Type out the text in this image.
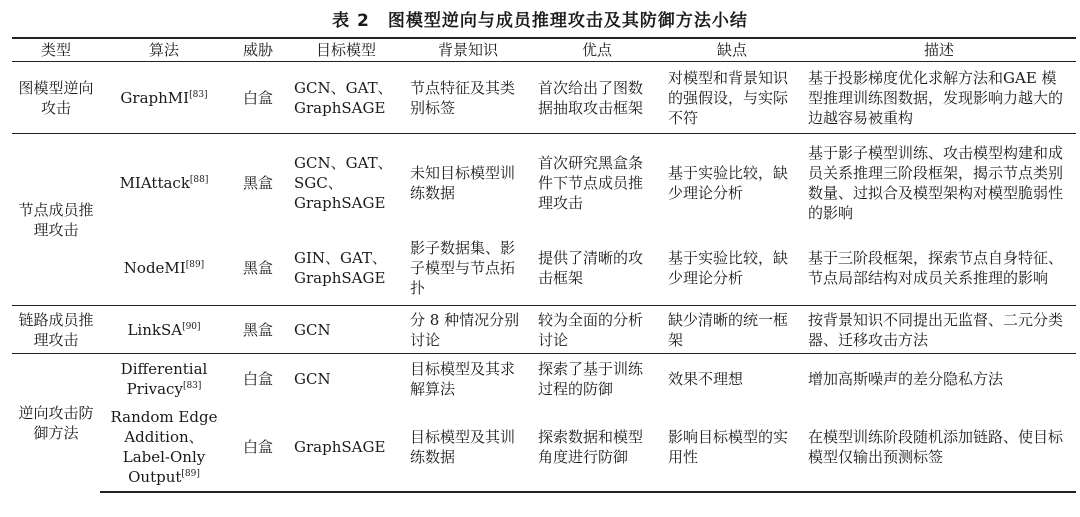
表 2 图模型逆向与成员推理攻击及其防御方法小结
类型	算法	威胁	目标模型	背景知识	优点	缺点	描述
图模型逆向攻击	GraphMI[83]	白盒	GCN、GAT、GraphSAGE	节点特征及其类别标签	首次给出了图数据抽取攻击框架	对模型和背景知识的强假设，与实际不符	基于投影梯度优化求解方法和GAE 模型推理训练图数据，发现影响力越大的边越容易被重构
节点成员推理攻击	MIAttack[88]	黑盒	GCN、GAT、SGC、GraphSAGE	未知目标模型训练数据	首次研究黑盒条件下节点成员推理攻击	基于实验比较，缺少理论分析	基于影子模型训练、攻击模型构建和成员关系推理三阶段框架，揭示节点类别数量、过拟合及模型架构对模型脆弱性的影响
	NodeMI[89]	黑盒	GIN、GAT、GraphSAGE	影子数据集、影子模型与节点拓扑	提供了清晰的攻击框架	基于实验比较，缺少理论分析	基于三阶段框架，探索节点自身特征、节点局部结构对成员关系推理的影响
链路成员推理攻击	LinkSA[90]	黑盒	GCN	分 8 种情况分别讨论	较为全面的分析讨论	缺少清晰的统一框架	按背景知识不同提出无监督、二元分类器、迁移攻击方法
逆向攻击防御方法	Differential Privacy[83]	白盒	GCN	目标模型及其求解算法	探索了基于训练过程的防御	效果不理想	增加高斯噪声的差分隐私方法
	Random Edge Addition、Label-Only Output[89]	白盒	GraphSAGE	目标模型及其训练数据	探索数据和模型角度进行防御	影响目标模型的实用性	在模型训练阶段随机添加链路、使目标模型仅输出预测标签
